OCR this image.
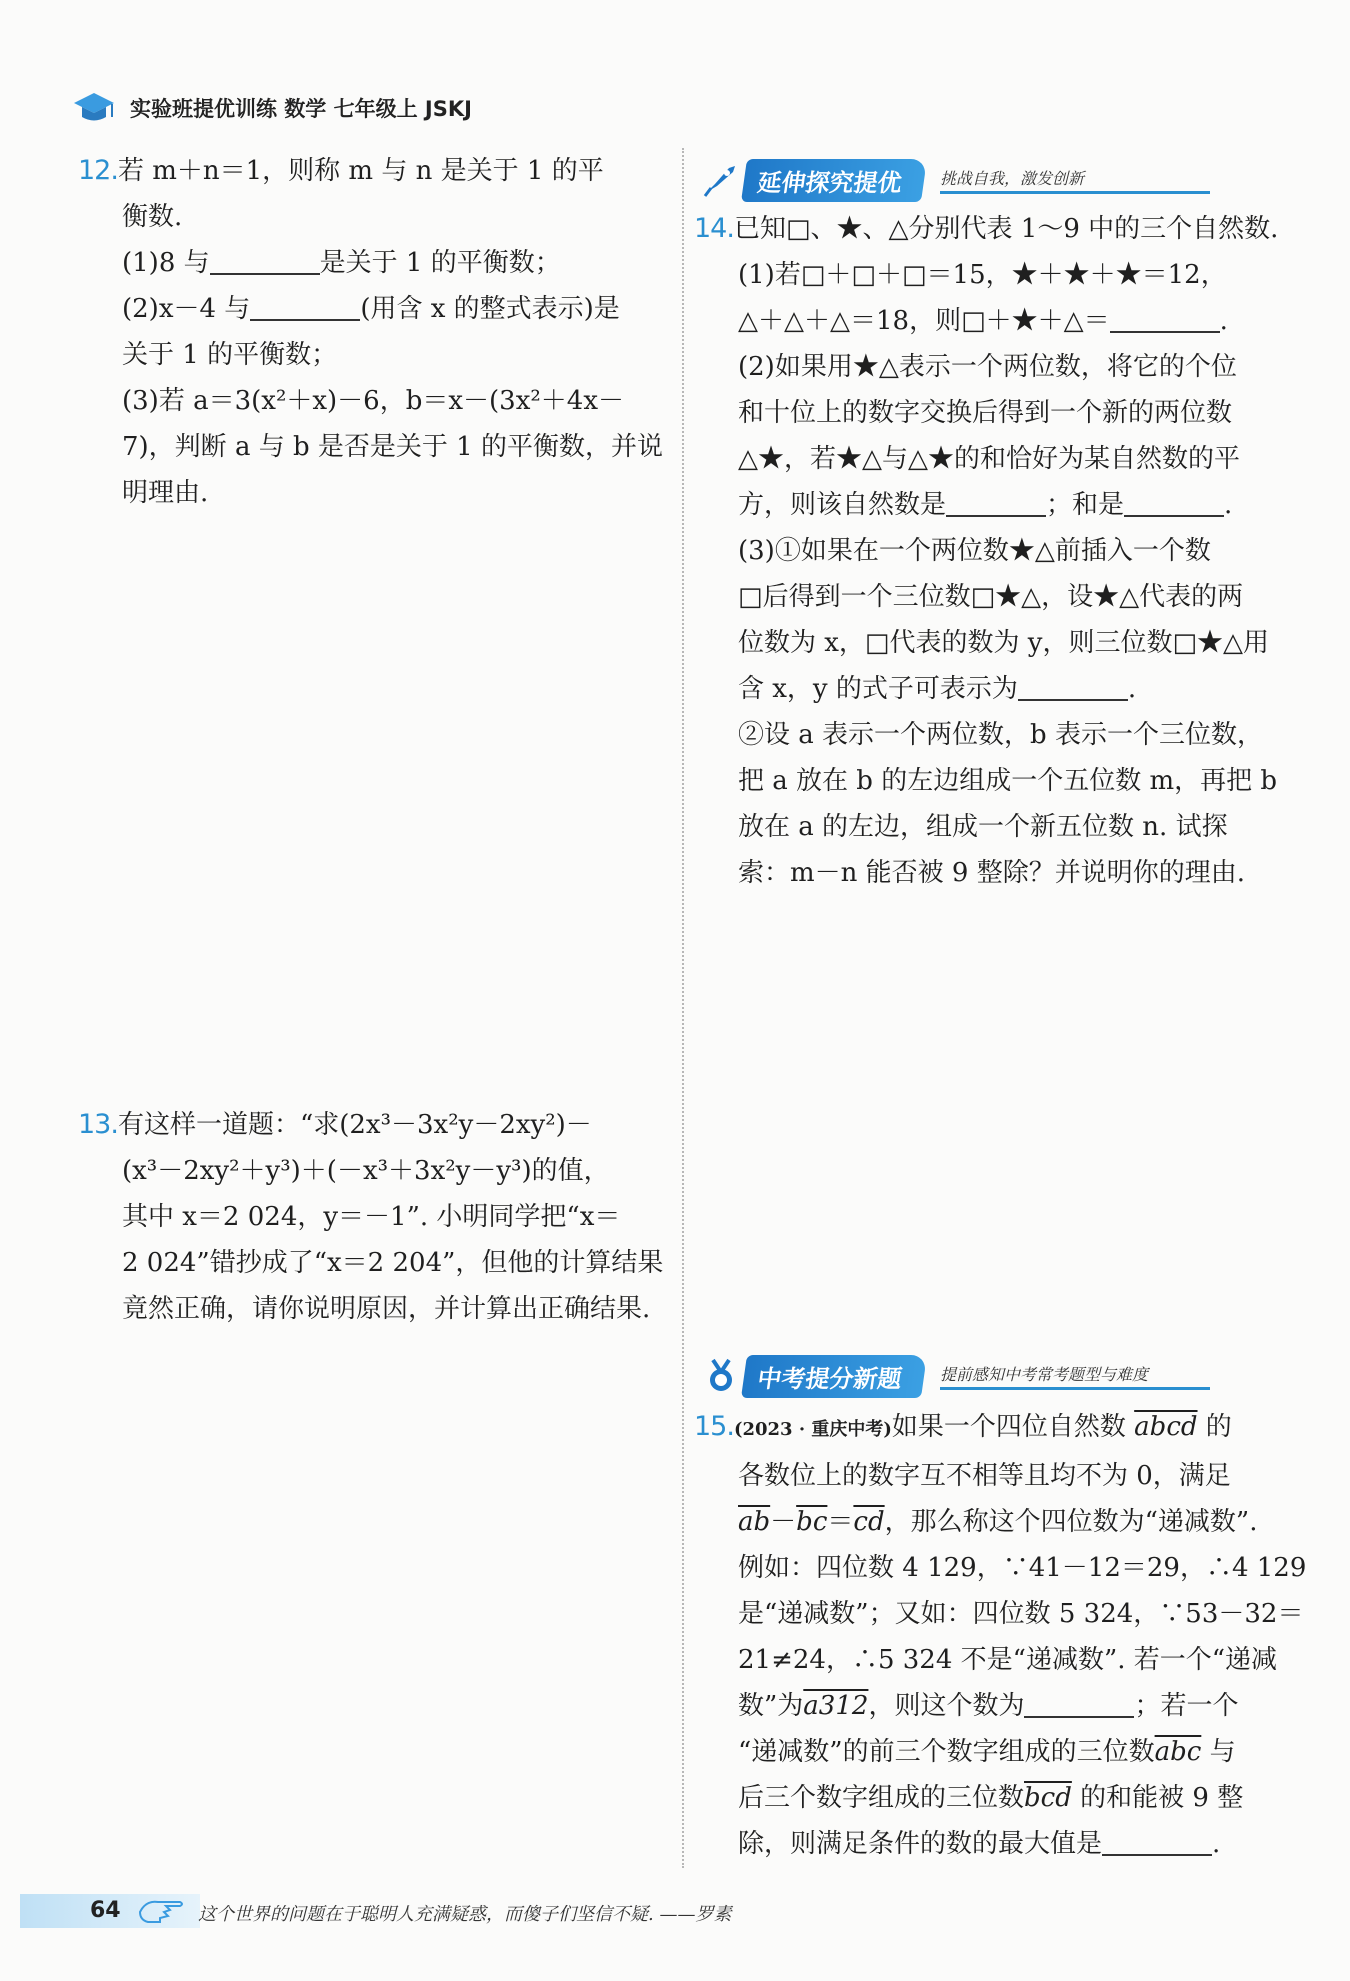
实验班提优训练 数学 七年级上 JSKJ
12.若 m＋n＝1，则称 m 与 n 是关于 1 的平
衡数.
(1)8 与	是关于 1 的平衡数；
(2)x－4 与	(用含 x 的整式表示)是
关于 1 的平衡数；
(3)若 a＝3(x²＋x)－6，b＝x－(3x²＋4x－
7)，判断 a 与 b 是否是关于 1 的平衡数，并说
明理由.
13.有这样一道题：“求(2x³－3x²y－2xy²)－
(x³－2xy²＋y³)＋(－x³＋3x²y－y³)的值，
其中 x＝2 024，y＝－1”. 小明同学把“x＝
2 024”错抄成了“x＝2 204”，但他的计算结果
竟然正确，请你说明原因，并计算出正确结果.
延伸探究提优	挑战自我，激发创新
14.已知□、★、△分别代表 1～9 中的三个自然数.
(1)若□＋□＋□＝15，★＋★＋★＝12，
△＋△＋△＝18，则□＋★＋△＝	.
(2)如果用★△表示一个两位数，将它的个位
和十位上的数字交换后得到一个新的两位数
△★，若★△与△★的和恰好为某自然数的平
方，则该自然数是	；和是	.
(3)①如果在一个两位数★△前插入一个数
□后得到一个三位数□★△，设★△代表的两
位数为 x，□代表的数为 y，则三位数□★△用
含 x，y 的式子可表示为	.
②设 a 表示一个两位数，b 表示一个三位数，
把 a 放在 b 的左边组成一个五位数 m，再把 b
放在 a 的左边，组成一个新五位数 n. 试探
索：m－n 能否被 9 整除？并说明你的理由.
中考提分新题	提前感知中考常考题型与难度
15.(2023 · 重庆中考)如果一个四位自然数 abcd 的
各数位上的数字互不相等且均不为 0，满足
$\overline{ab}-\overline{bc}=\overline{cd}$，那么称这个四位数为“递减数”.
例如：四位数 4 129，∵41－12＝29，∴4 129
是“递减数”；又如：四位数 5 324，∵53－32＝
21≠24，∴5 324 不是“递减数”. 若一个“递减
数”为a312，则这个数为	；若一个
“递减数”的前三个数字组成的三位数$\overline{abc}$ 与
后三个数字组成的三位数$\overline{bcd}$ 的和能被 9 整
除，则满足条件的数的最大值是	.
64	这个世界的问题在于聪明人充满疑惑，而傻子们坚信不疑. ——罗素
